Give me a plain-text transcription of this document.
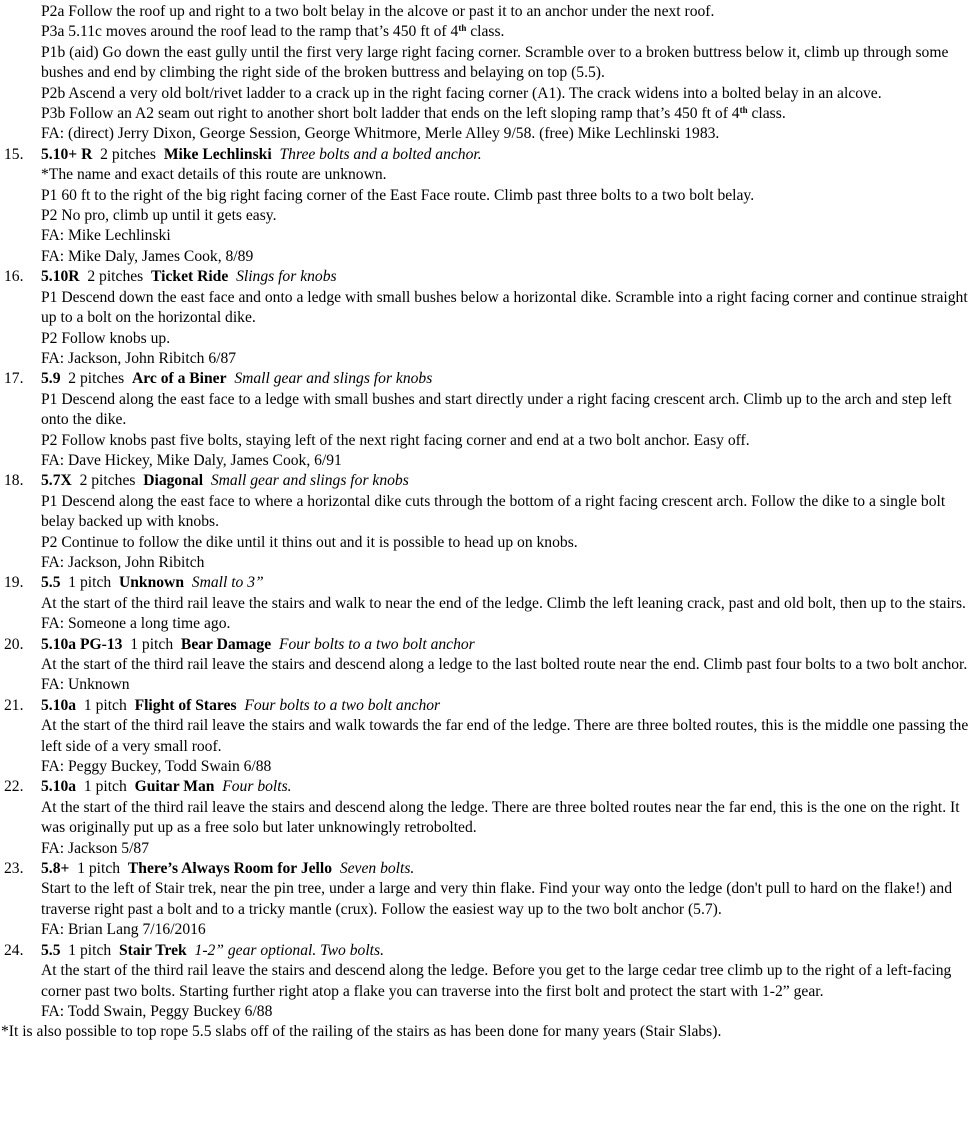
P2a Follow the roof up and right to a two bolt belay in the alcove or past it to an anchor under the next roof.
P3a 5.11c moves around the roof lead to the ramp that’s 450 ft of 4th class.
P1b (aid) Go down the east gully until the first very large right facing corner. Scramble over to a broken buttress below it, climb up through some bushes and end by climbing the right side of the broken buttress and belaying on top (5.5).
P2b Ascend a very old bolt/rivet ladder to a crack up in the right facing corner (A1). The crack widens into a bolted belay in an alcove.
P3b Follow an A2 seam out right to another short bolt ladder that ends on the left sloping ramp that’s 450 ft of 4th class.
FA: (direct) Jerry Dixon, George Session, George Whitmore, Merle Alley 9/58. (free) Mike Lechlinski 1983.
15.	5.10+ R 2 pitches Mike Lechlinski Three bolts and a bolted anchor.
*The name and exact details of this route are unknown.
P1 60 ft to the right of the big right facing corner of the East Face route. Climb past three bolts to a two bolt belay.
P2 No pro, climb up until it gets easy.
FA: Mike Lechlinski
FA: Mike Daly, James Cook, 8/89
16.	5.10R 2 pitches Ticket Ride Slings for knobs
P1 Descend down the east face and onto a ledge with small bushes below a horizontal dike. Scramble into a right facing corner and continue straight up to a bolt on the horizontal dike.
P2 Follow knobs up.
FA: Jackson, John Ribitch 6/87
17.	5.9 2 pitches Arc of a Biner Small gear and slings for knobs
P1 Descend along the east face to a ledge with small bushes and start directly under a right facing crescent arch. Climb up to the arch and step left onto the dike.
P2 Follow knobs past five bolts, staying left of the next right facing corner and end at a two bolt anchor. Easy off.
FA: Dave Hickey, Mike Daly, James Cook, 6/91
18.	5.7X 2 pitches Diagonal Small gear and slings for knobs
P1 Descend along the east face to where a horizontal dike cuts through the bottom of a right facing crescent arch. Follow the dike to a single bolt belay backed up with knobs.
P2 Continue to follow the dike until it thins out and it is possible to head up on knobs.
FA: Jackson, John Ribitch
19.	5.5 1 pitch Unknown Small to 3”
At the start of the third rail leave the stairs and walk to near the end of the ledge. Climb the left leaning crack, past and old bolt, then up to the stairs.
FA: Someone a long time ago.
20.	5.10a PG-13 1 pitch Bear Damage Four bolts to a two bolt anchor
At the start of the third rail leave the stairs and descend along a ledge to the last bolted route near the end. Climb past four bolts to a two bolt anchor.
FA: Unknown
21.	5.10a 1 pitch Flight of Stares Four bolts to a two bolt anchor
At the start of the third rail leave the stairs and walk towards the far end of the ledge. There are three bolted routes, this is the middle one passing the left side of a very small roof.
FA: Peggy Buckey, Todd Swain 6/88
22.	5.10a 1 pitch Guitar Man Four bolts.
At the start of the third rail leave the stairs and descend along the ledge. There are three bolted routes near the far end, this is the one on the right. It was originally put up as a free solo but later unknowingly retrobolted.
FA: Jackson 5/87
23.	5.8+ 1 pitch There’s Always Room for Jello Seven bolts.
Start to the left of Stair trek, near the pin tree, under a large and very thin flake. Find your way onto the ledge (don't pull to hard on the flake!) and traverse right past a bolt and to a tricky mantle (crux). Follow the easiest way up to the two bolt anchor (5.7).
FA: Brian Lang 7/16/2016
24.	5.5 1 pitch Stair Trek 1-2” gear optional. Two bolts.
At the start of the third rail leave the stairs and descend along the ledge. Before you get to the large cedar tree climb up to the right of a left-facing corner past two bolts. Starting further right atop a flake you can traverse into the first bolt and protect the start with 1-2” gear.
FA: Todd Swain, Peggy Buckey 6/88
*It is also possible to top rope 5.5 slabs off of the railing of the stairs as has been done for many years (Stair Slabs).
